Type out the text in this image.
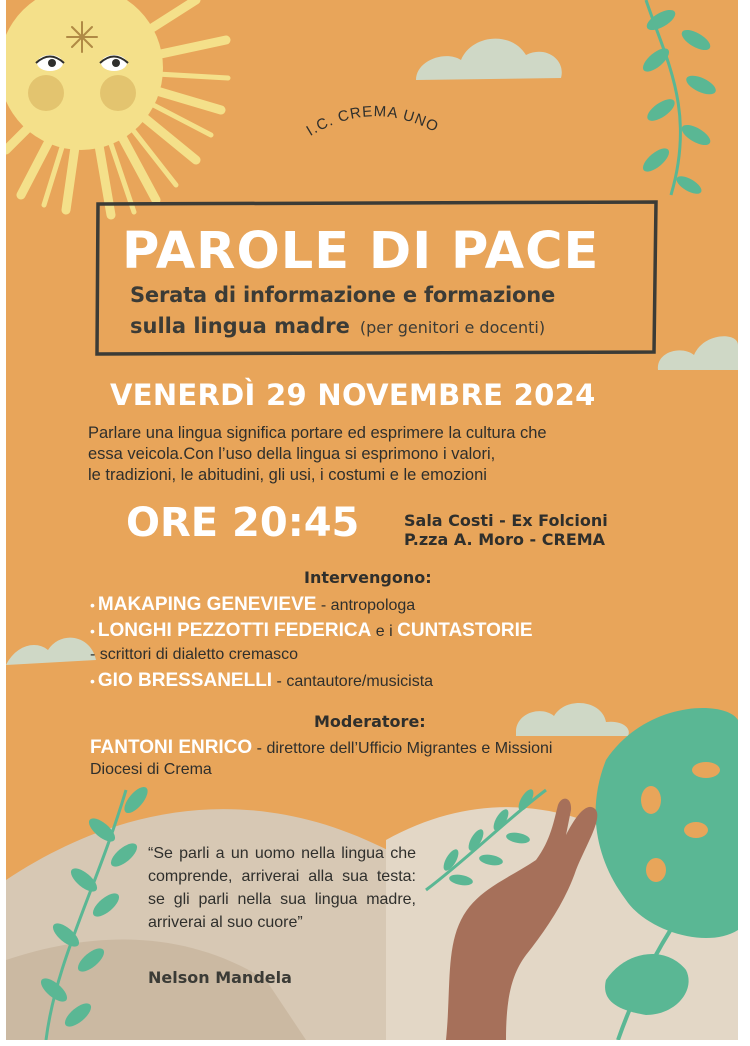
I.C. CREMA UNO
PAROLE DI PACE
Serata di informazione e formazione
sulla lingua madre (per genitori e docenti)
VENERDÌ 29 NOVEMBRE 2024
Parlare una lingua significa portare ed esprimere la cultura che
essa veicola.Con l’uso della lingua si esprimono i valori,
le tradizioni, le abitudini, gli usi, i costumi e le emozioni
ORE 20:45	Sala Costi - Ex Folcioni
P.zza A. Moro - CREMA
Intervengono:
• MAKAPING GENEVIEVE - antropologa
• LONGHI PEZZOTTI FEDERICA e i CUNTASTORIE
- scrittori di dialetto cremasco
• GIO BRESSANELLI - cantautore/musicista
Moderatore:
FANTONI ENRICO - direttore dell’Ufficio Migrantes e Missioni
Diocesi di Crema
“Se parli a un uomo nella lingua che comprende, arriverai alla sua testa: se gli parli nella sua lingua madre, arriverai al suo cuore”
Nelson Mandela
